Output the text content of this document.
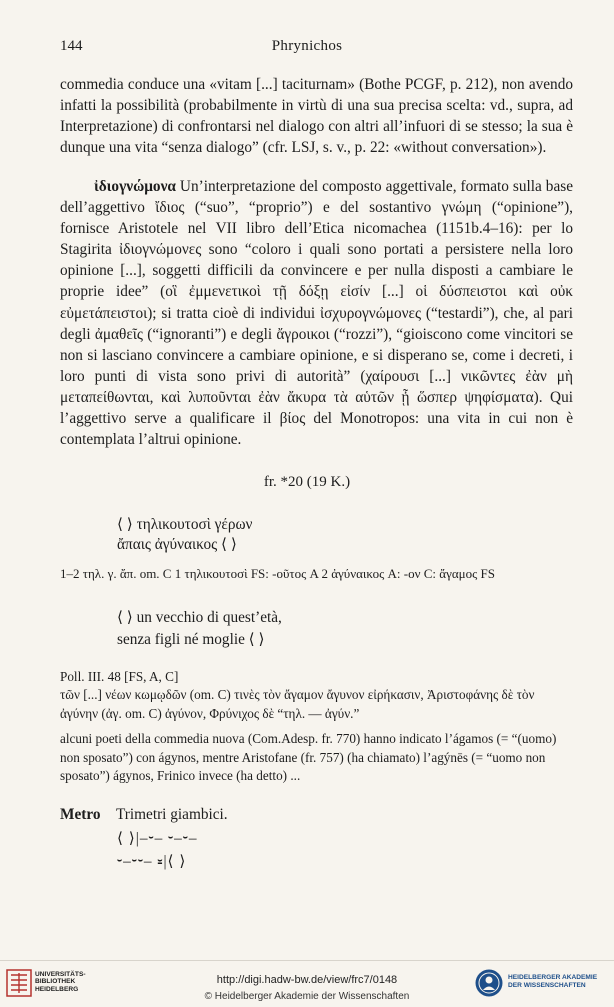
144	Phrynichos
commedia conduce una «vitam [...] taciturnam» (Bothe PCGF, p. 212), non avendo infatti la possibilità (probabilmente in virtù di una sua precisa scelta: vd., supra, ad Interpretazione) di confrontarsi nel dialogo con altri all’infuori di se stesso; la sua è dunque una vita “senza dialogo” (cfr. LSJ, s. v., p. 22: «without conversation»).
ἰδιογνώμονα Un’interpretazione del composto aggettivale, formato sulla base dell’aggettivo ἴδιος (“suo”, “proprio”) e del sostantivo γνώμη (“opinione”), fornisce Aristotele nel VII libro dell’Etica nicomachea (1151b.4–16): per lo Stagirita ἰδιογνώμονες sono “coloro i quali sono portati a persistere nella loro opinione [...], soggetti difficili da convincere e per nulla disposti a cambiare le proprie idee” (οἳ ἐμμενετικοὶ τῇ δόξῃ εἰσίν [...] οἱ δύσπειστοι καὶ οὐκ εὐμετάπειστοι); si tratta cioè di individui ἰσχυρογνώμονες (“testardi”), che, al pari degli ἀμαθεῖς (“ignoranti”) e degli ἄγροικοι (“rozzi”), “gioiscono come vincitori se non si lasciano convincere a cambiare opinione, e si disperano se, come i decreti, i loro punti di vista sono privi di autorità” (χαίρουσι [...] νικῶντες ἐὰν μὴ μεταπείθωνται, καὶ λυποῦνται ἐὰν ἄκυρα τὰ αὑτῶν ᾖ ὥσπερ ψηφίσματα). Qui l’aggettivo serve a qualificare il βίος del Monotropos: una vita in cui non è contemplata l’altrui opinione.
fr. *20 (19 K.)
⟨ ⟩ τηλικουτοσὶ γέρων
ἄπαις ἀγύναικος ⟨ ⟩
1–2 τηλ. γ. ἄπ. om. C 1 τηλικουτοσὶ FS: -οῦτος A 2 ἀγύναικος A: -ον C: ἄγαμος FS
⟨ ⟩ un vecchio di quest’età,
senza figli né moglie ⟨ ⟩
Poll. III. 48 [FS, A, C]
τῶν [...] νέων κωμῳδῶν (om. C) τινὲς τὸν ἄγαμον ἄγυνον εἰρήκασιν, Ἀριστοφάνης δὲ τὸν ἀγύνην (ἀγ. om. C) ἀγύνον, Φρύνιχος δὲ “τηλ. — ἀγύν.”
alcuni poeti della commedia nuova (Com.Adesp. fr. 770) hanno indicato l’ágamos (= “(uomo) non sposato”) con ágynos, mentre Aristofane (fr. 757) (ha chiamato) l’agýnēs (= “uomo non sposato”) ágynos, Frinico invece (ha detto) ...
Metro Trimetri giambici.
⟨ ⟩|–⏑– ⏑–⏑–
⏑–⏑⏑– ⏓|⟨ ⟩
UNIVERSITÄTS-
BIBLIOTHEK
HEIDELBERG
http://digi.hadw-bw.de/view/frc7/0148
© Heidelberger Akademie der Wissenschaften
HEIDELBERGER AKADEMIE
DER WISSENSCHAFTEN
